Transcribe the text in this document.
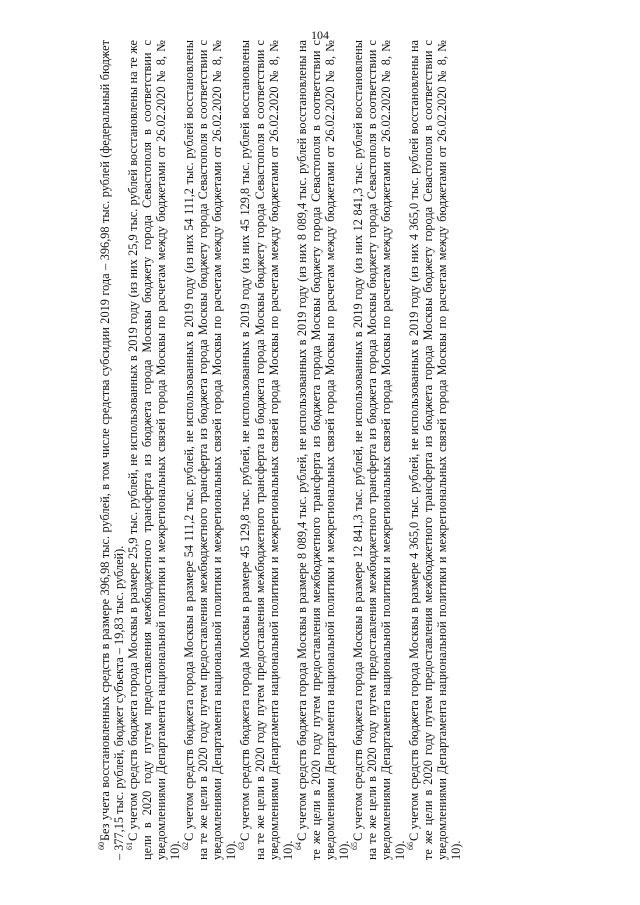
104

$^{60}$Без учета восстановленных средств в размере 396,98 тыс. рублей, в том числе средства субсидии 2019 года – 396,98 тыс. рублей (федеральный бюджет – 377,15 тыс. рублей, бюджет субъекта – 19,83 тыс. рублей).

$^{61}$С учетом средств бюджета города Москвы в размере 25,9 тыс. рублей, не использованных в 2019 году (из них 25,9 тыс. рублей восстановлены на те же цели в 2020 году путем предоставления межбюджетного трансферта из бюджета города Москвы бюджету города Севастополя в соответствии с уведомлениями Департамента национальной политики и межрегиональных связей города Москвы по расчетам между бюджетами от 26.02.2020 № 8, № 10).

$^{62}$С учетом средств бюджета города Москвы в размере 54 111,2 тыс. рублей, не использованных в 2019 году (из них 54 111,2 тыс. рублей восстановлены на те же цели в 2020 году путем предоставления межбюджетного трансферта из бюджета города Москвы бюджету города Севастополя в соответствии с уведомлениями Департамента национальной политики и межрегиональных связей города Москвы по расчетам между бюджетами от 26.02.2020 № 8, № 10).

$^{63}$С учетом средств бюджета города Москвы в размере 45 129,8 тыс. рублей, не использованных в 2019 году (из них 45 129,8 тыс. рублей восстановлены на те же цели в 2020 году путем предоставления межбюджетного трансферта из бюджета города Москвы бюджету города Севастополя в соответствии с уведомлениями Департамента национальной политики и межрегиональных связей города Москвы по расчетам между бюджетами от 26.02.2020 № 8, № 10).

$^{64}$С учетом средств бюджета города Москвы в размере 8 089,4 тыс. рублей, не использованных в 2019 году (из них 8 089,4 тыс. рублей восстановлены на те же цели в 2020 году путем предоставления межбюджетного трансферта из бюджета города Москвы бюджету города Севастополя в соответствии с уведомлениями Департамента национальной политики и межрегиональных связей города Москвы по расчетам между бюджетами от 26.02.2020 № 8, № 10).

$^{65}$С учетом средств бюджета города Москвы в размере 12 841,3 тыс. рублей, не использованных в 2019 году (из них 12 841,3 тыс. рублей восстановлены на те же цели в 2020 году путем предоставления межбюджетного трансферта из бюджета города Москвы бюджету города Севастополя в соответствии с уведомлениями Департамента национальной политики и межрегиональных связей города Москвы по расчетам между бюджетами от 26.02.2020 № 8, № 10).

$^{66}$С учетом средств бюджета города Москвы в размере 4 365,0 тыс. рублей, не использованных в 2019 году (из них 4 365,0 тыс. рублей восстановлены на те же цели в 2020 году путем предоставления межбюджетного трансферта из бюджета города Москвы бюджету города Севастополя в соответствии с уведомлениями Департамента национальной политики и межрегиональных связей города Москвы по расчетам между бюджетами от 26.02.2020 № 8, № 10).
